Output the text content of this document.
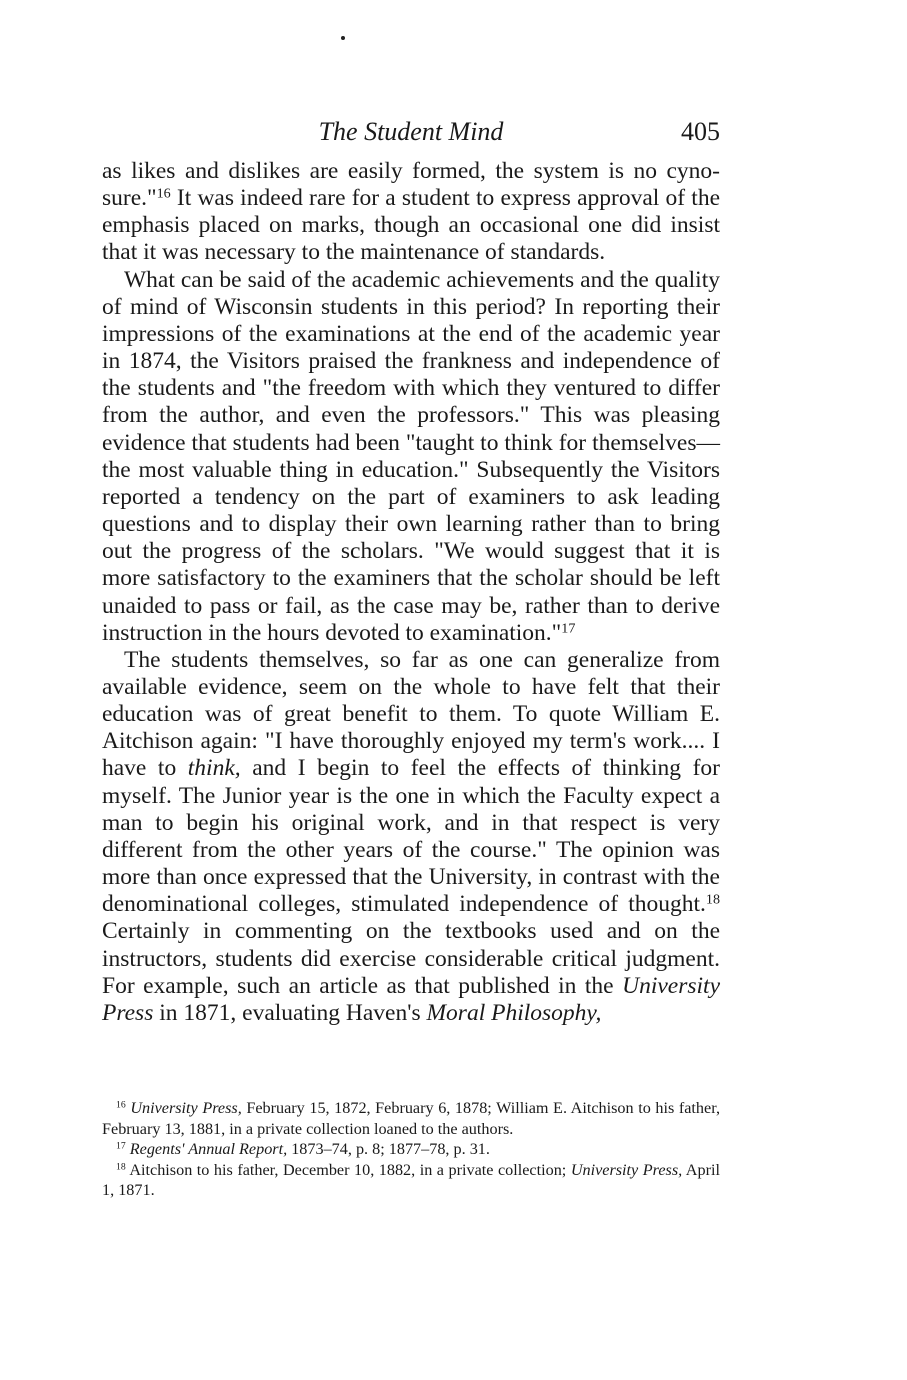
The Student Mind	405

as likes and dislikes are easily formed, the system is no cynosure."$^{16}$ It was indeed rare for a student to express approval of the emphasis placed on marks, though an occasional one did insist that it was necessary to the maintenance of standards.

What can be said of the academic achievements and the quality of mind of Wisconsin students in this period? In reporting their impressions of the examinations at the end of the academic year in 1874, the Visitors praised the frankness and independence of the students and "the freedom with which they ventured to differ from the author, and even the professors." This was pleasing evidence that students had been "taught to think for themselves—the most valuable thing in education." Subsequently the Visitors reported a tendency on the part of examiners to ask leading questions and to display their own learning rather than to bring out the progress of the scholars. "We would suggest that it is more satisfactory to the examiners that the scholar should be left unaided to pass or fail, as the case may be, rather than to derive instruction in the hours devoted to examination."$^{17}$

The students themselves, so far as one can generalize from available evidence, seem on the whole to have felt that their education was of great benefit to them. To quote William E. Aitchison again: "I have thoroughly enjoyed my term's work.... I have to think, and I begin to feel the effects of thinking for myself. The Junior year is the one in which the Faculty expect a man to begin his original work, and in that respect is very different from the other years of the course." The opinion was more than once expressed that the University, in contrast with the denominational colleges, stimulated independence of thought.$^{18}$ Certainly in commenting on the textbooks used and on the instructors, students did exercise considerable critical judgment. For example, such an article as that published in the University Press in 1871, evaluating Haven's Moral Philosophy,

$^{16}$ University Press, February 15, 1872, February 6, 1878; William E. Aitchison to his father, February 13, 1881, in a private collection loaned to the authors.

$^{17}$ Regents' Annual Report, 1873–74, p. 8; 1877–78, p. 31.

$^{18}$ Aitchison to his father, December 10, 1882, in a private collection; University Press, April 1, 1871.
